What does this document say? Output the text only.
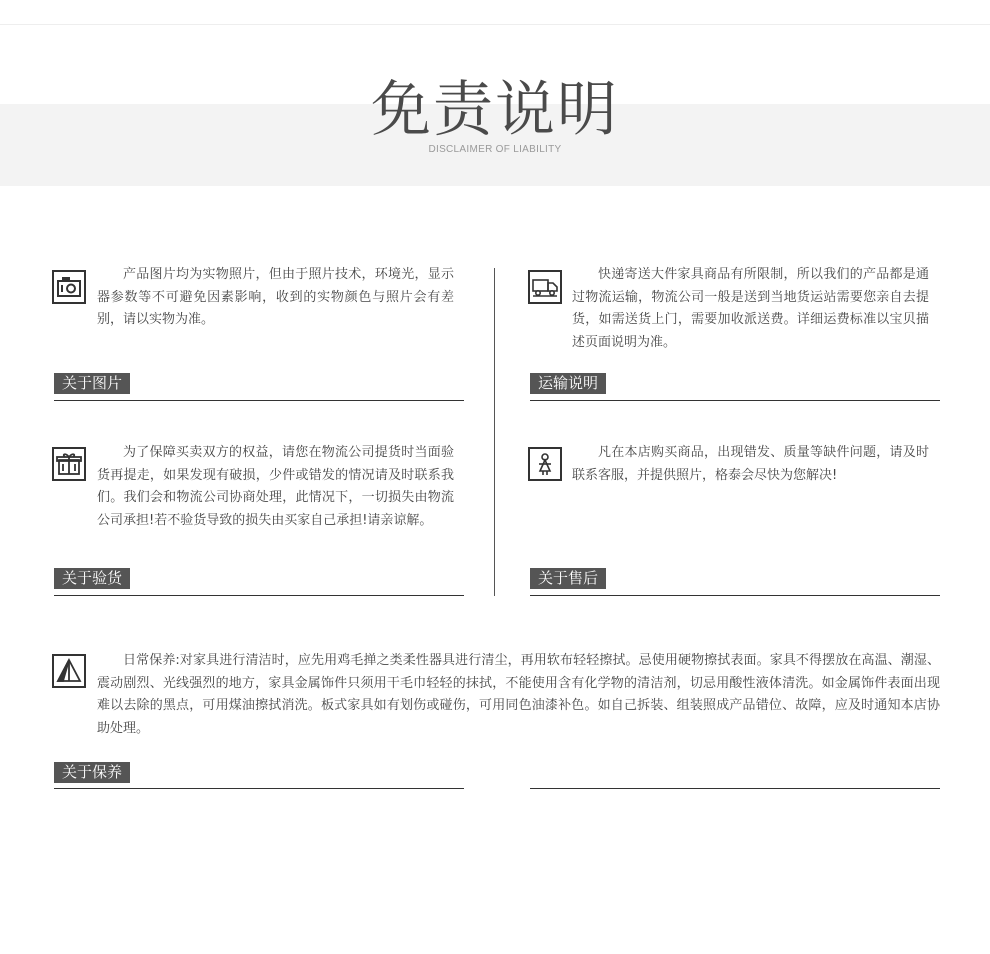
免责说明
DISCLAIMER OF LIABILITY

产品图片均为实物照片，但由于照片技术，环境光，显示器参数等不可避免因素影响，收到的实物颜色与照片会有差别，请以实物为准。

关于图片

快递寄送大件家具商品有所限制，所以我们的产品都是通过物流运输，物流公司一般是送到当地货运站需要您亲自去提货，如需送货上门，需要加收派送费。详细运费标准以宝贝描述页面说明为准。

运输说明

为了保障买卖双方的权益，请您在物流公司提货时当面验货再提走，如果发现有破损，少件或错发的情况请及时联系我们。我们会和物流公司协商处理，此情况下，一切损失由物流公司承担!若不验货导致的损失由买家自己承担!请亲谅解。

关于验货

凡在本店购买商品，出现错发、质量等缺件问题，请及时联系客服，并提供照片，格泰会尽快为您解决!

关于售后

日常保养:对家具进行清洁时，应先用鸡毛掸之类柔性器具进行清尘，再用软布轻轻擦拭。忌使用硬物擦拭表面。家具不得摆放在高温、潮湿、震动剧烈、光线强烈的地方，家具金属饰件只须用干毛巾轻轻的抹拭，不能使用含有化学物的清洁剂，切忌用酸性液体清洗。如金属饰件表面出现难以去除的黑点，可用煤油擦拭消洗。板式家具如有划伤或碰伤，可用同色油漆补色。如自己拆装、组装照成产品错位、故障，应及时通知本店协助处理。

关于保养
